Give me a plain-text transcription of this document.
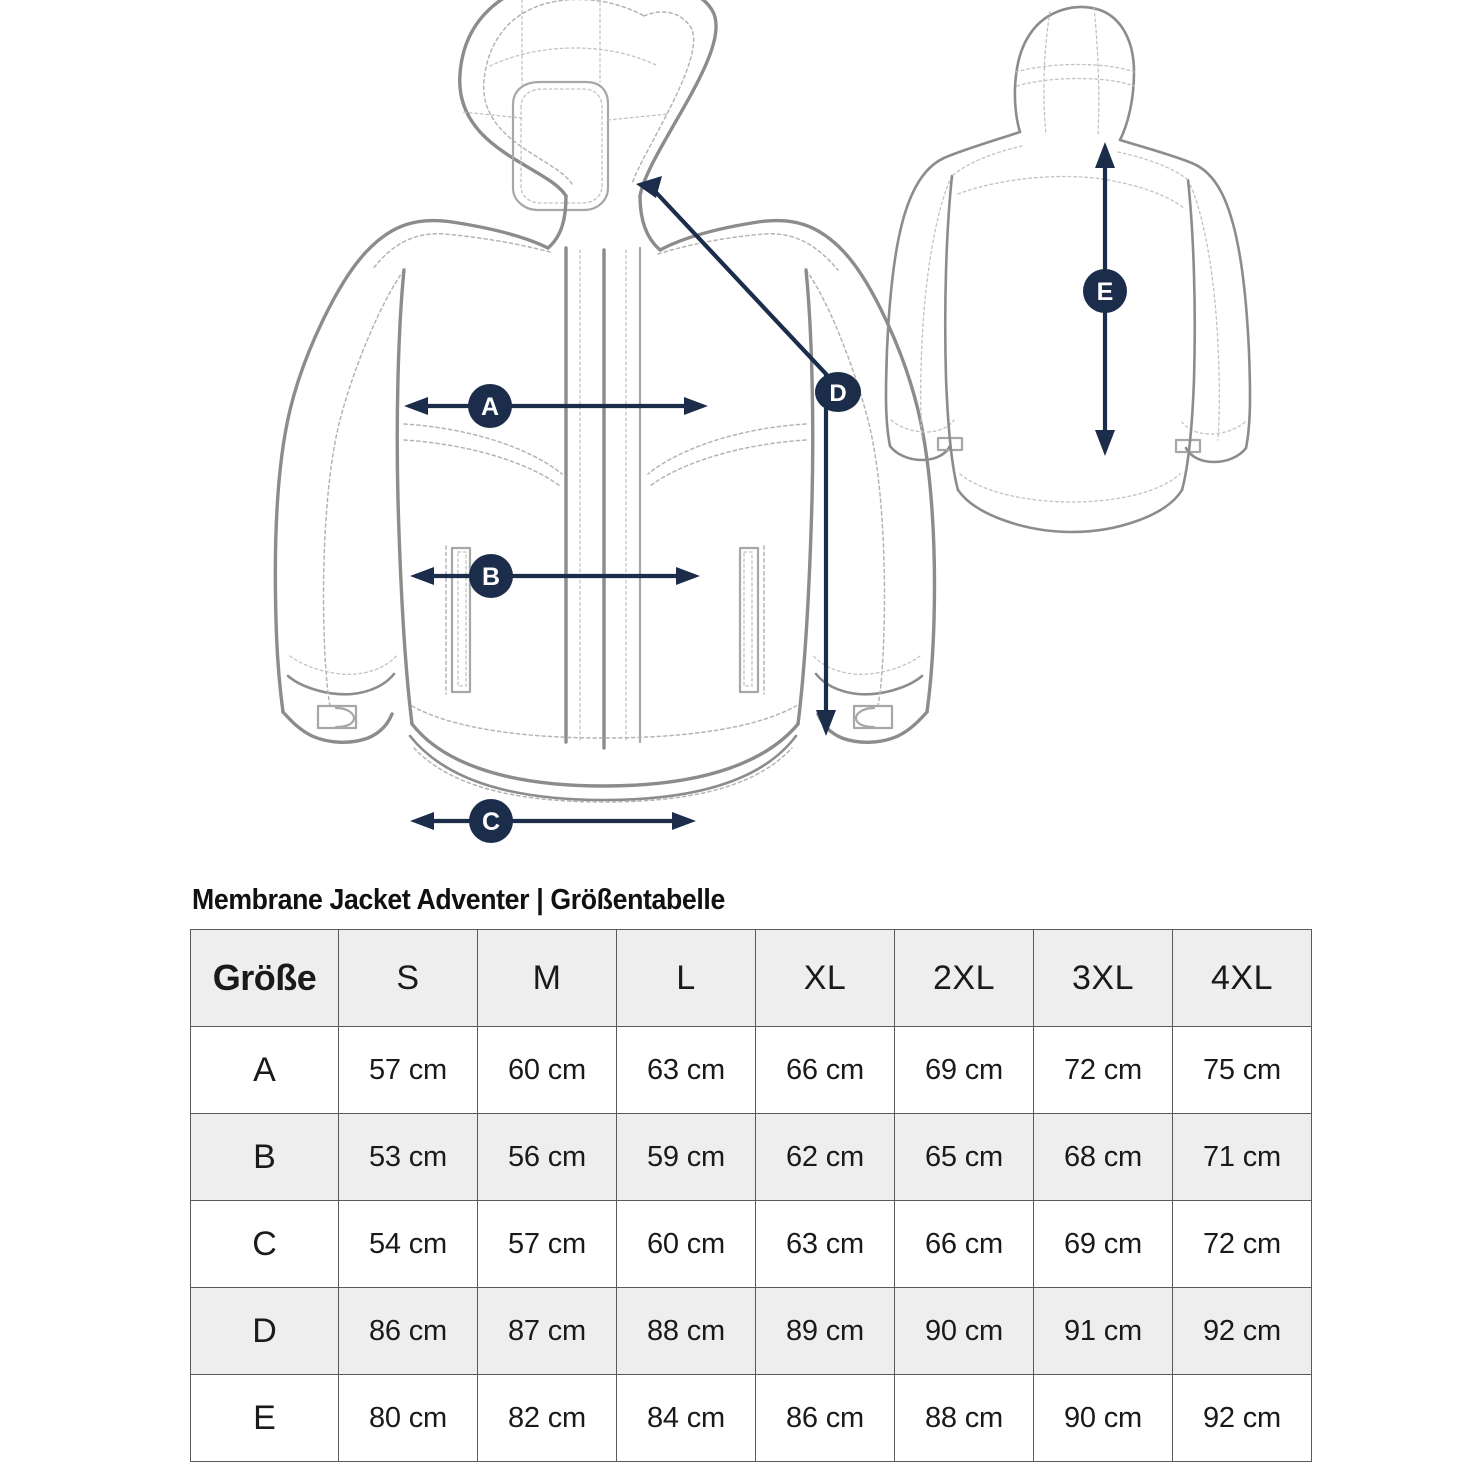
A
B
C
D
E
Membrane Jacket Adventer | Größentabelle
Größe	S	M	L	XL	2XL	3XL	4XL
A	57 cm	60 cm	63 cm	66 cm	69 cm	72 cm	75 cm
B	53 cm	56 cm	59 cm	62 cm	65 cm	68 cm	71 cm
C	54 cm	57 cm	60 cm	63 cm	66 cm	69 cm	72 cm
D	86 cm	87 cm	88 cm	89 cm	90 cm	91 cm	92 cm
E	80 cm	82 cm	84 cm	86 cm	88 cm	90 cm	92 cm
